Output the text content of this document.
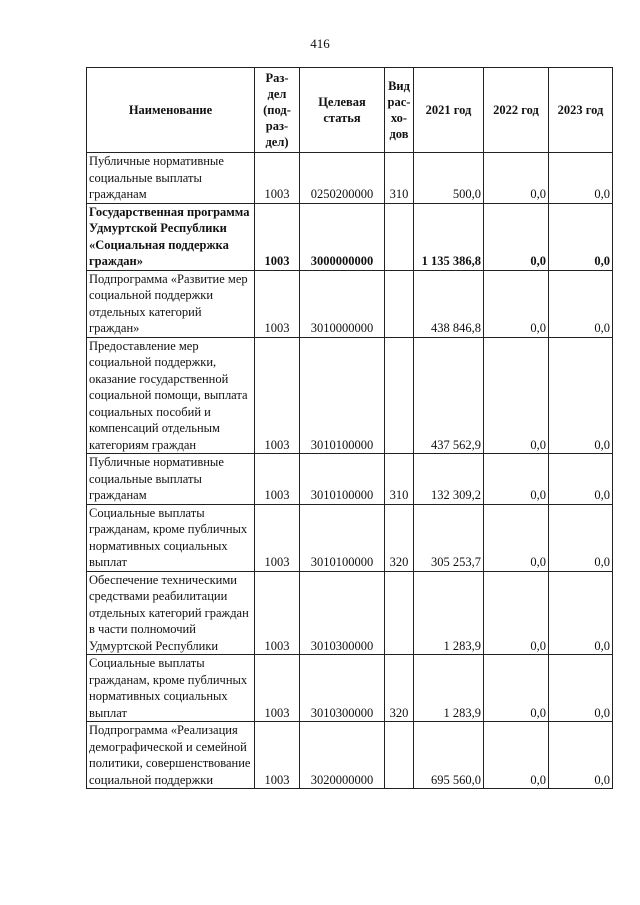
416
Наименование	Раз- дел (под- раз- дел)	Целевая статья	Вид рас- хо- дов	2021 год	2022 год	2023 год
Публичные нормативные социальные выплаты гражданам	1003	0250200000	310	500,0	0,0	0,0
Государственная программа Удмуртской Республики «Социальная поддержка граждан»	1003	3000000000		1 135 386,8	0,0	0,0
Подпрограмма «Развитие мер социальной поддержки отдельных категорий граждан»	1003	3010000000		438 846,8	0,0	0,0
Предоставление мер социальной поддержки, оказание государственной социальной помощи, выплата социальных пособий и компенсаций отдельным категориям граждан	1003	3010100000		437 562,9	0,0	0,0
Публичные нормативные социальные выплаты гражданам	1003	3010100000	310	132 309,2	0,0	0,0
Социальные выплаты гражданам, кроме публичных нормативных социальных выплат	1003	3010100000	320	305 253,7	0,0	0,0
Обеспечение техническими средствами реабилитации отдельных категорий граждан в части полномочий Удмуртской Республики	1003	3010300000		1 283,9	0,0	0,0
Социальные выплаты гражданам, кроме публичных нормативных социальных выплат	1003	3010300000	320	1 283,9	0,0	0,0
Подпрограмма «Реализация демографической и семейной политики, совершенствование социальной поддержки	1003	3020000000		695 560,0	0,0	0,0
